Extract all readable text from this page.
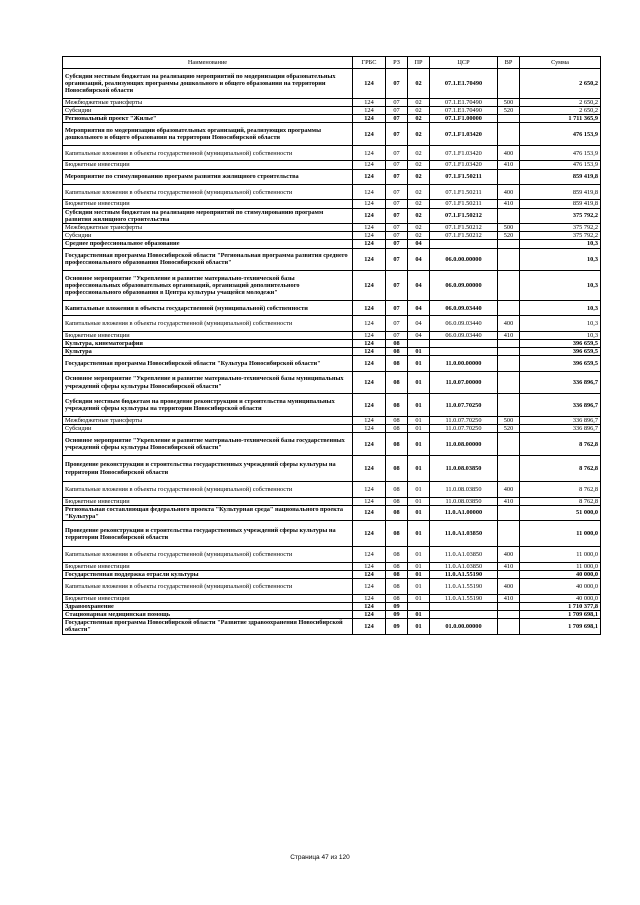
Наименование	ГРБС	РЗ	ПР	ЦСР	ВР	Сумма
Субсидии местным бюджетам на реализацию мероприятий по модернизации образовательных организаций, реализующих программы дошкольного и общего образования на территории Новосибирской области	124	07	02	07.1.E1.70490		2 650,2
Межбюджетные трансферты	124	07	02	07.1.E1.70490	500	2 650,2
Субсидии	124	07	02	07.1.E1.70490	520	2 650,2
Региональный проект "Жилье"	124	07	02	07.1.F1.00000		1 711 365,9
Мероприятия по модернизации образовательных организаций, реализующих программы дошкольного и общего образования на территории Новосибирской области	124	07	02	07.1.F1.03420		476 153,9
Капитальные вложения в объекты государственной (муниципальной) собственности	124	07	02	07.1.F1.03420	400	476 153,9
Бюджетные инвестиции	124	07	02	07.1.F1.03420	410	476 153,9
Мероприятие по стимулированию программ развития жилищного строительства	124	07	02	07.1.F1.50211		859 419,8
Капитальные вложения в объекты государственной (муниципальной) собственности	124	07	02	07.1.F1.50211	400	859 419,8
Бюджетные инвестиции	124	07	02	07.1.F1.50211	410	859 419,8
Субсидии местным бюджетам на реализацию мероприятий по стимулированию программ развития жилищного строительства	124	07	02	07.1.F1.50212		375 792,2
Межбюджетные трансферты	124	07	02	07.1.F1.50212	500	375 792,2
Субсидии	124	07	02	07.1.F1.50212	520	375 792,2
Среднее профессиональное образование	124	07	04			10,3
Государственная программа Новосибирской области "Региональная программа развития среднего профессионального образования Новосибирской области"	124	07	04	06.0.00.00000		10,3
Основное мероприятие "Укрепление и развитие материально-технической базы профессиональных образовательных организаций, организаций дополнительного профессионального образования в Центра культуры учащейся молодежи"	124	07	04	06.0.09.00000		10,3
Капитальные вложения в объекты государственной (муниципальной) собственности	124	07	04	06.0.09.03440		10,3
Капитальные вложения в объекты государственной (муниципальной) собственности	124	07	04	06.0.09.03440	400	10,3
Бюджетные инвестиции	124	07	04	06.0.09.03440	410	10,3
Культура, кинематография	124	08				396 659,5
Культура	124	08	01			396 659,5
Государственная программа Новосибирской области "Культура Новосибирской области"	124	08	01	11.0.00.00000		396 659,5
Основное мероприятие "Укрепление и развитие материально-технической базы муниципальных учреждений сферы культуры Новосибирской области"	124	08	01	11.0.07.00000		336 896,7
Субсидии местным бюджетам на проведение реконструкции и строительства муниципальных учреждений сферы культуры на территории Новосибирской области	124	08	01	11.0.07.70250		336 896,7
Межбюджетные трансферты	124	08	01	11.0.07.70250	500	336 896,7
Субсидии	124	08	01	11.0.07.70250	520	336 896,7
Основное мероприятие "Укрепление и развитие материально-технической базы государственных учреждений сферы культуры Новосибирской области"	124	08	01	11.0.08.00000		8 762,8
Проведение реконструкции и строительства государственных учреждений сферы культуры на территории Новосибирской области	124	08	01	11.0.08.03850		8 762,8
Капитальные вложения в объекты государственной (муниципальной) собственности	124	08	01	11.0.08.03850	400	8 762,8
Бюджетные инвестиции	124	08	01	11.0.08.03850	410	8 762,8
Региональная составляющая федерального проекта "Культурная среда" национального проекта "Культура"	124	08	01	11.0.A1.00000		51 000,0
Проведение реконструкции и строительства государственных учреждений сферы культуры на территории Новосибирской области	124	08	01	11.0.A1.03850		11 000,0
Капитальные вложения в объекты государственной (муниципальной) собственности	124	08	01	11.0.A1.03850	400	11 000,0
Бюджетные инвестиции	124	08	01	11.0.A1.03850	410	11 000,0
Государственная поддержка отрасли культуры	124	08	01	11.0.A1.55190		40 000,0
Капитальные вложения в объекты государственной (муниципальной) собственности	124	08	01	11.0.A1.55190	400	40 000,0
Бюджетные инвестиции	124	08	01	11.0.A1.55190	410	40 000,0
Здравоохранение	124	09				1 710 377,8
Стационарная медицинская помощь	124	09	01			1 709 698,1
Государственная программа Новосибирской области "Развитие здравоохранения Новосибирской области"	124	09	01	01.0.00.00000		1 709 698,1
Страница 47 из 120
